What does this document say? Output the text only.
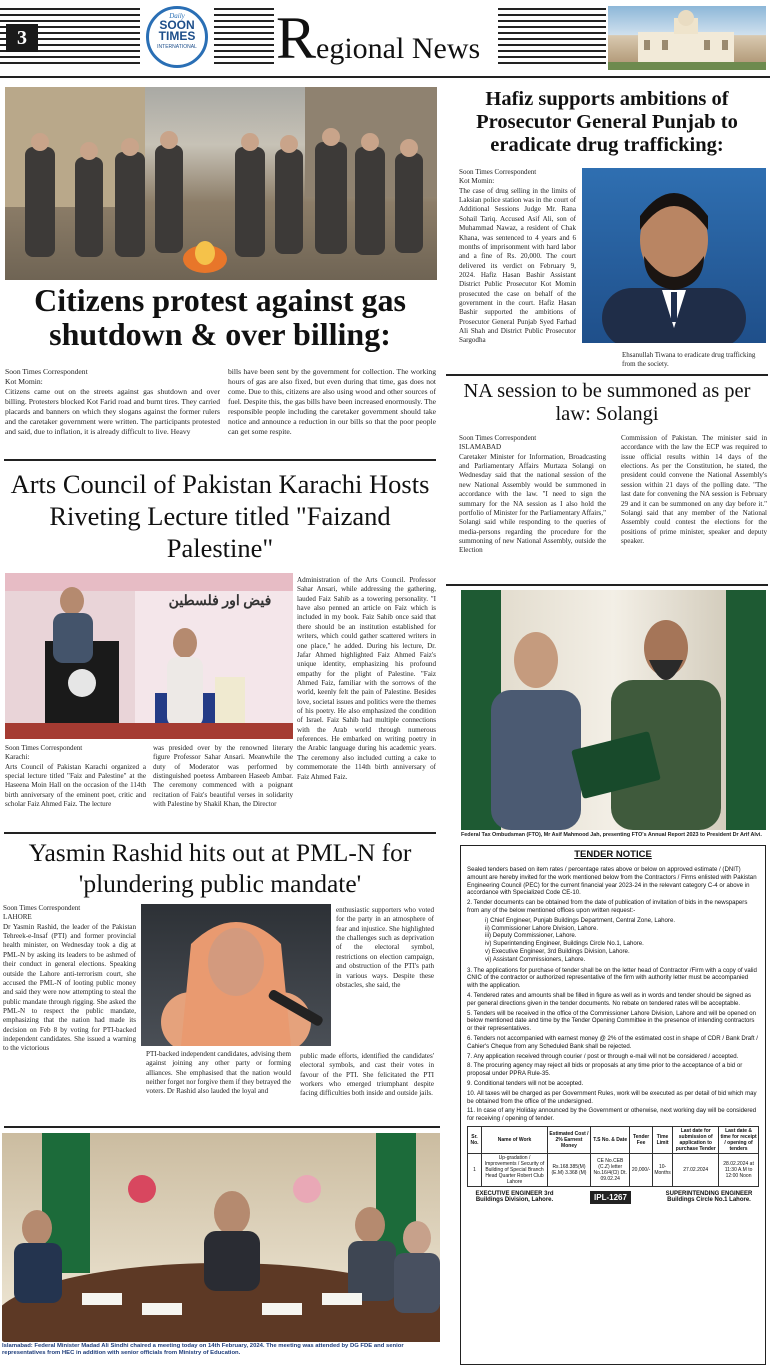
3
Daily
SOON TIMES
INTERNATIONAL Regional News
Citizens protest against gas shutdown & over billing:

Soon Times Correspondent

Kot Momin:

Citizens came out on the streets against gas shutdown and over billing. Protesters blocked Kot Farid road and burnt tires. They carried placards and banners on which they slogans against the former rulers and the caretaker government were written. The participants protested and said, due to inflation, it is already difficult to live. Heavy

bills have been sent by the government for collection. The working hours of gas are also fixed, but even during that time, gas does not come. Due to this, citizens are also using wood and other sources of fuel. Despite this, the gas bills have been increased enormously. The responsible people including the caretaker government should take notice and announce a reduction in our bills so that the poor people can get some respite.

Hafiz supports ambitions of Prosecutor General Punjab to eradicate drug trafficking:

Soon Times Correspondent

Kot Momin:

The case of drug selling in the limits of Laksian police station was in the court of Additional Sessions Judge Mr. Rana Sohail Tariq. Accused Asif Ali, son of Muhammad Nawaz, a resident of Chak Khana, was sentenced to 4 years and 6 months of imprisonment with hard labor and a fine of Rs. 20,000. The court delivered its verdict on February 9, 2024. Hafiz Hasan Bashir Assistant District Public Prosecutor Kot Momin prosecuted the case on behalf of the government in the court. Hafiz Hasan Bashir supported the ambitions of Prosecutor General Punjab Syed Farhad Ali Shah and District Public Prosecutor Sargodha

Ehsanullah Tiwana to eradicate drug trafficking from the society.
NA session to be summoned as per law: Solangi

Soon Times Correspondent

ISLAMABAD

Caretaker Minister for Information, Broadcasting and Parliamentary Affairs Murtaza Solangi on Wednesday said that the national session of the new National Assembly would be summoned in accordance with the law. "I need to sign the summary for the NA session as I also hold the portfolio of Minister for the Parliamentary Affairs," Solangi said while responding to the queries of media-persons regarding the procedure for the summoning of new National Assembly, outside the Election

Commission of Pakistan. The minister said in accordance with the law the ECP was required to issue official results within 14 days of the elections. As per the Constitution, he stated, the president could convene the National Assembly's session within 21 days of the polling date. "The last date for convening the NA session is February 29 and it can be summoned on any day before it." Solangi said that any member of the National Assembly could contest the elections for the positions of prime minister, speaker and deputy speaker.

Federal Tax Ombudsman (FTO), Mr Asif Mahmood Jah, presenting FTO's Annual Report 2023 to President Dr Arif Alvi.
Arts Council of Pakistan Karachi Hosts Riveting Lecture titled "Faizand Palestine"
فیض اور فلسطین

Soon Times Correspondent

Karachi:

Arts Council of Pakistan Karachi organized a special lecture titled "Faiz and Palestine" at the Haseena Moin Hall on the occasion of the 114th birth anniversary of the eminent poet, critic and scholar Faiz Ahmed Faiz. The lecture

was presided over by the renowned literary figure Professor Sahar Ansari. Meanwhile the duty of Moderator was performed by distinguished poetess Ambareen Haseeb Ambar. The ceremony commenced with a poignant recitation of Faiz's beautiful verses in solidarity with Palestine by Shakil Khan, the Director

Administration of the Arts Council. Professor Sahar Ansari, while addressing the gathering, lauded Faiz Sahib as a towering personality. "I have also penned an article on Faiz which is included in my book. Faiz Sahib once said that there should be an institution established for writers, which could gather scattered writers in one place," he added. During his lecture, Dr. Jafar Ahmed highlighted Faiz Ahmed Faiz's unique identity, emphasizing his profound empathy for the plight of Palestine. "Faiz Ahmed Faiz, familiar with the sorrows of the world, keenly felt the pain of Palestine. Besides love, societal issues and politics were the themes of his poetry. He also emphasized the condition of Israel. Faiz Sahib had multiple connections with the Arab world through numerous references. He embarked on writing poetry in the Arabic language during his academic years. The ceremony also included cutting a cake to commemorate the 114th birth anniversary of Faiz Ahmed Faiz.

Yasmin Rashid hits out at PML-N for 'plundering public mandate'

Soon Times Correspondent

LAHORE

Dr Yasmin Rashid, the leader of the Pakistan Tehreek-e-Insaf (PTI) and former provincial health minister, on Wednesday took a dig at PML-N by asking its leaders to be ashmed of their conduct in general elections. Speaking outside the Lahore anti-terrorism court, she accused the PML-N of looting public money and said they were now attempting to steal the public mandate through rigging. She asked the PML-N to respect the public mandate, emphasizing that the nation had made its decision on Feb 8 by voting for PTI-backed independent candidates. She issued a warning to the victorious

PTI-backed independent candidates, advising them against joining any other party or forming alliances. She emphasised that the nation would neither forget nor forgive them if they betrayed the voters. Dr Rashid also lauded the loyal and

enthusiastic supporters who voted for the party in an atmosphere of fear and injustice. She highlighted the challenges such as deprivation of the electoral symbol, restrictions on election campaign, and obstruction of the PTI's path in various ways. Despite these obstacles, she said, the

public made efforts, identified the candidates' electoral symbols, and cast their votes in favour of the PTI. She felicitated the PTI workers who emerged triumphant despite facing difficulties both inside and outside jails.

Islamabad: Federal Minister Madad Ali Sindhi chaired a meeting today on 14th February, 2024. The meeting was attended by DG FDE and senior representatives from HEC in addition with senior officials from Ministry of Education.
TENDER NOTICE

Sealed tenders based on item rates / percentage rates above or below on approved estimate / (DNIT) amount are hereby invited for the work mentioned below from the Contractors / Firms enlisted with Pakistan Engineering Council (PEC) for the current financial year 2023-24 in the relevant category C-4 or above in accordance with Specialized Code CE-10.

2. Tender documents can be obtained from the date of publication of invitation of bids in the newspapers from any of the below mentioned offices upon written request:-

i) Chief Engineer, Punjab Buildings Department, Central Zone, Lahore.
ii) Commissioner Lahore Division, Lahore.
iii) Deputy Commissioner, Lahore.
iv) Superintending Engineer, Buildings Circle No.1, Lahore.
v) Executive Engineer, 3rd Buildings Division, Lahore.
vi) Assistant Commissioners, Lahore.

3. The applications for purchase of tender shall be on the letter head of Contractor /Firm with a copy of valid CNIC of the contractor or authorized representative of the firm with authority letter must be accompanied with the application.

4. Tendered rates and amounts shall be filled in figure as well as in words and tender should be signed as per general directions given in the tender documents. No rebate on tendered rates will be acceptable.

5. Tenders will be received in the office of the Commissioner Lahore Division, Lahore and will be opened on below mentioned date and time by the Tender Opening Committee in the presence of intending contractors or their representatives.

6. Tenders not accompanied with earnest money @ 2% of the estimated cost in shape of CDR / Bank Draft / Cahier's Cheque from any Scheduled Bank shall be rejected.

7. Any application received through courier / post or through e-mail will not be considered / accepted.

8. The procuring agency may reject all bids or proposals at any time prior to the acceptance of a bid or proposal under PPRA Rule-35.

9. Conditional tenders will not be accepted.

10. All taxes will be charged as per Government Rules, work will be executed as per detail of bid which may be obtained from the office of the undersigned.

11. In case of any Holiday announced by the Government or otherwise, next working day will be considered for receiving / opening of tender.

Sr. No.	Name of Work	Estimated Cost / 2% Earnest Money	T.S No. & Date	Tender Fee	Time Limit	Last date for submission of application to purchase Tender	Last date & time for receipt / opening of tenders
1	Up-gradation / Improvements / Security of Building of Special Branch Head Quarter Robert Club Lahore	Rs.168.385(M) (E.M) 3.368 (M)	CE No.CEB (C.Z) letter No.16/4(Cl) Dt. 09.02.24	20,000/-	10-Months	27.02.2024	28.02.2024 at 11:30 A.M to 12:00 Noon
EXECUTIVE ENGINEER 3rd Buildings Division, Lahore.	IPL-1267	SUPERINTENDING ENGINEER Buildings Circle No.1 Lahore.
